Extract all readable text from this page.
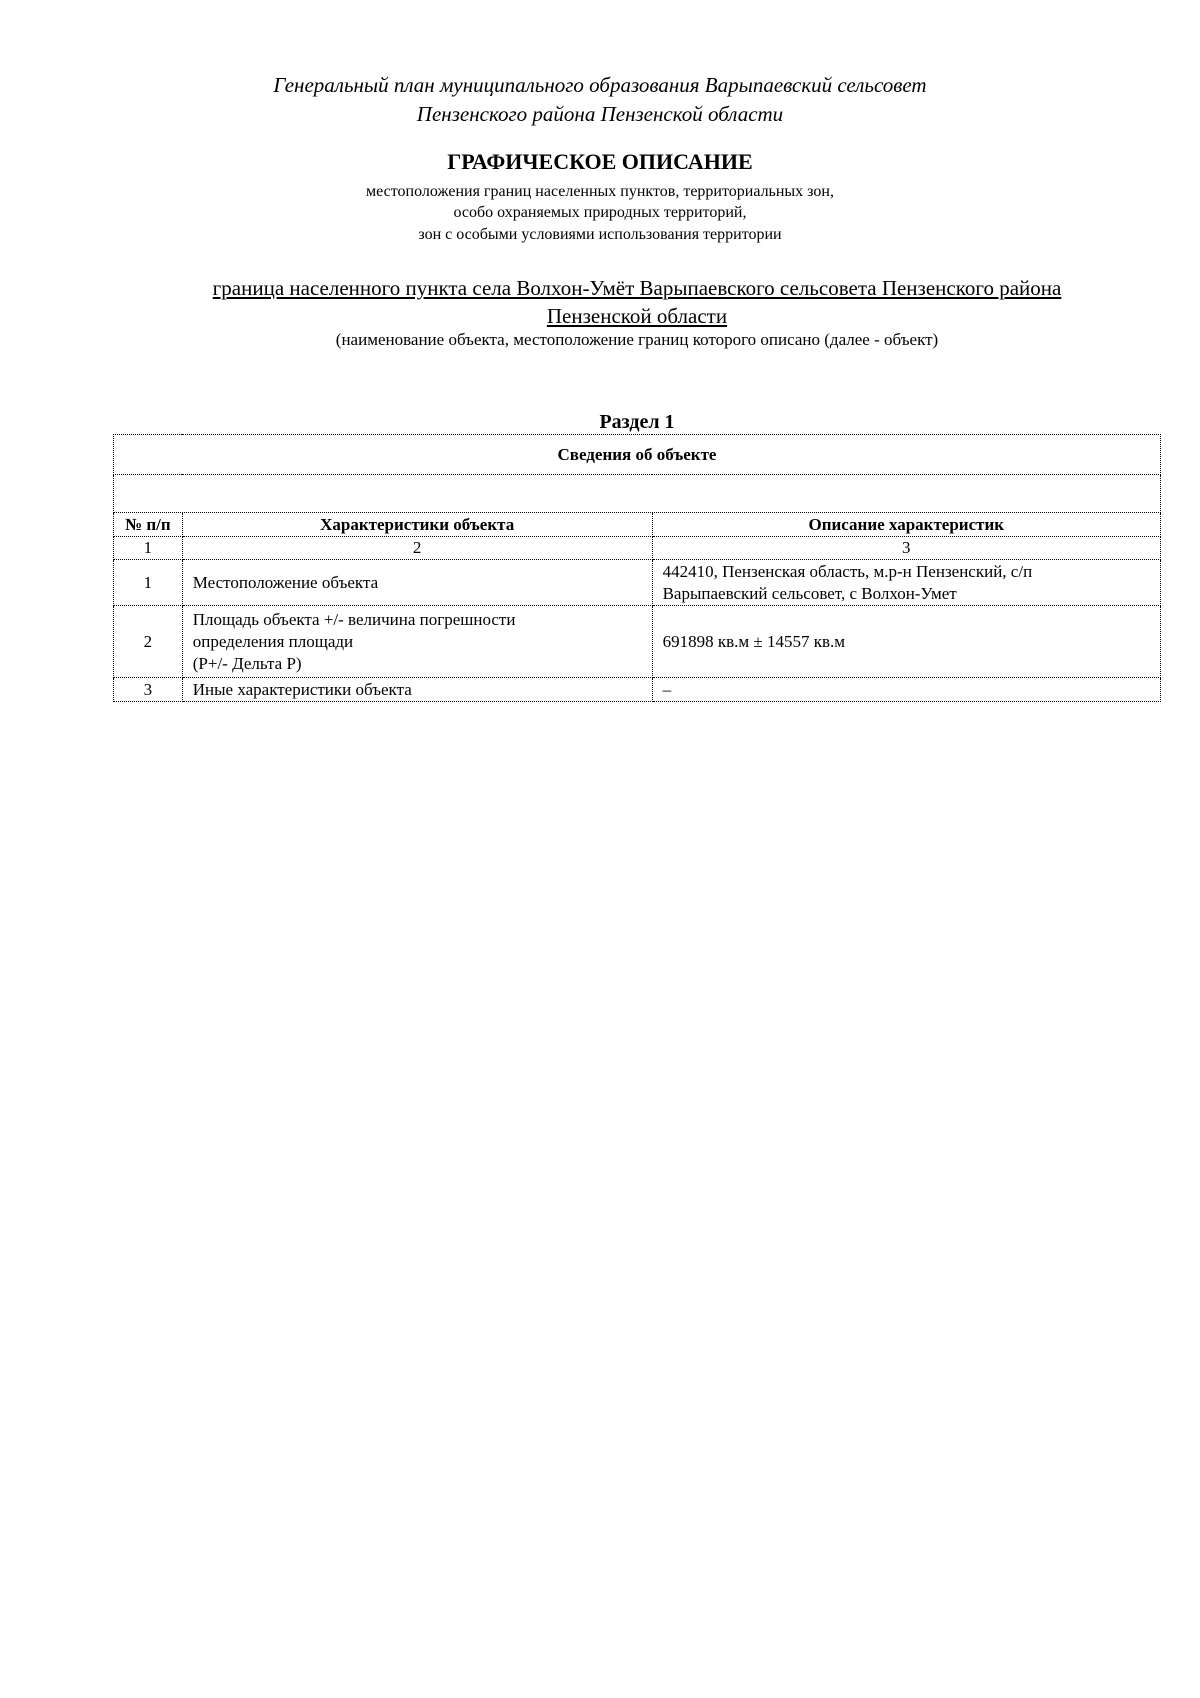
Генеральный план муниципального образования Варыпаевский сельсовет
Пензенского района Пензенской области
ГРАФИЧЕСКОЕ ОПИСАНИЕ
местоположения границ населенных пунктов, территориальных зон,
особо охраняемых природных территорий,
зон с особыми условиями использования территории
граница населенного пункта села Волхон-Умёт Варыпаевского сельсовета Пензенского района
Пензенской области
(наименование объекта, местоположение границ которого описано (далее - объект)
Раздел 1
Сведения об объекте		

№ п/п	Характеристики объекта	Описание характеристик
1	2	3
1	Местоположение объекта	442410, Пензенская область, м.р-н Пензенский, с/п
Варыпаевский сельсовет, с Волхон-Умет

2	Площадь объекта +/- величина погрешности
определения площади
(P+/- Дельта P)	691898 кв.м ± 14557 кв.м
3	Иные характеристики объекта	–
